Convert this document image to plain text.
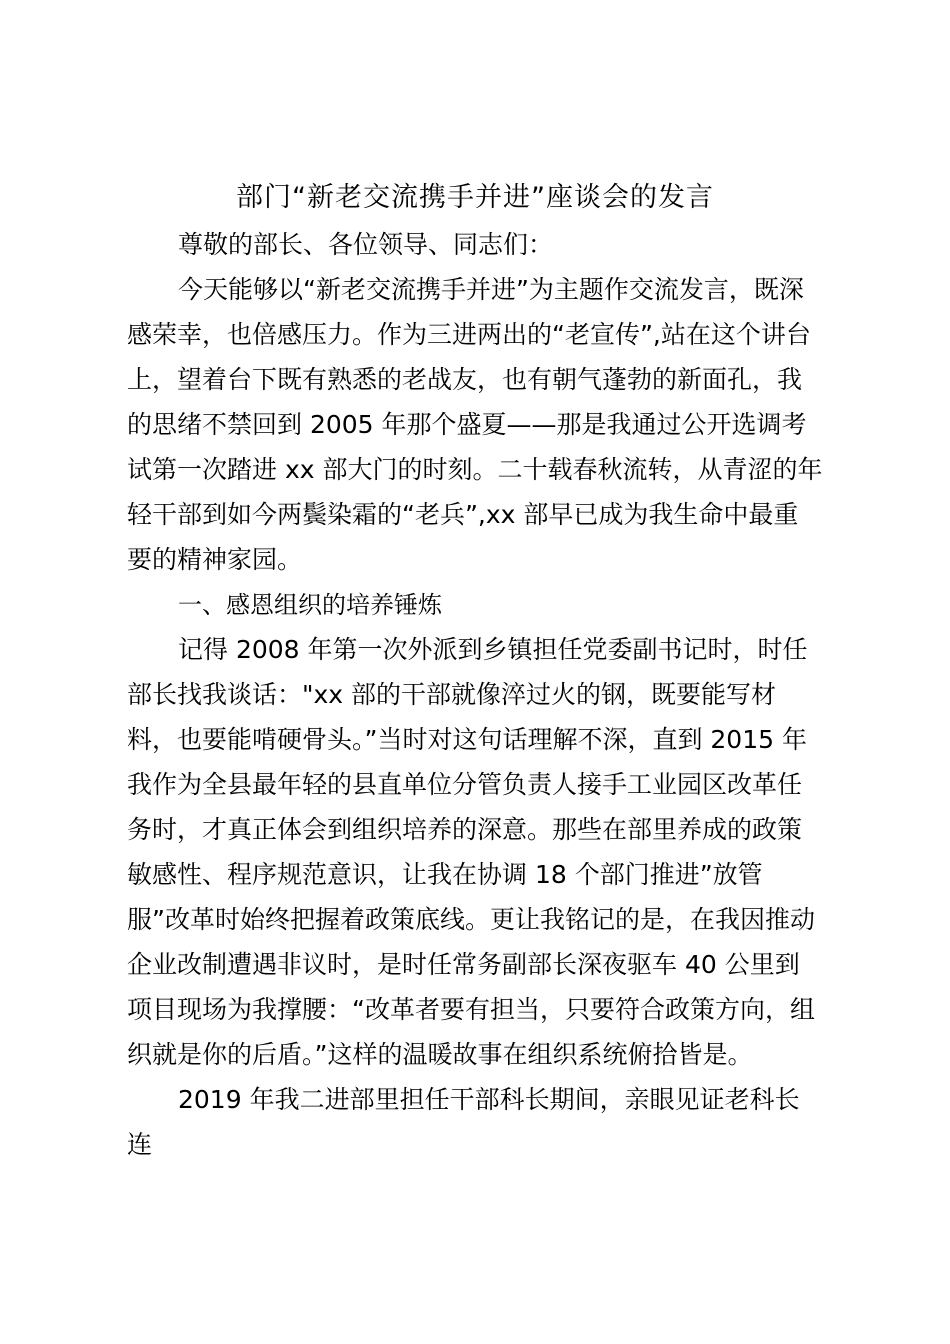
部门“新老交流携手并进”座谈会的发言
尊敬的部长、各位领导、同志们：
今天能够以“新老交流携手并进”为主题作交流发言，既深
感荣幸，也倍感压力。作为三进两出的“老宣传”,站在这个讲台
上，望着台下既有熟悉的老战友，也有朝气蓬勃的新面孔，我
的思绪不禁回到 2005 年那个盛夏——那是我通过公开选调考
试第一次踏进 xx 部大门的时刻。二十载春秋流转，从青涩的年
轻干部到如今两鬓染霜的“老兵”,xx 部早已成为我生命中最重
要的精神家园。
一、感恩组织的培养锤炼
记得 2008 年第一次外派到乡镇担任党委副书记时，时任
部长找我谈话："xx 部的干部就像淬过火的钢，既要能写材
料，也要能啃硬骨头。”当时对这句话理解不深，直到 2015 年
我作为全县最年轻的县直单位分管负责人接手工业园区改革任
务时，才真正体会到组织培养的深意。那些在部里养成的政策
敏感性、程序规范意识，让我在协调 18 个部门推进”放管
服”改革时始终把握着政策底线。更让我铭记的是，在我因推动
企业改制遭遇非议时，是时任常务副部长深夜驱车 40 公里到
项目现场为我撑腰：“改革者要有担当，只要符合政策方向，组
织就是你的后盾。”这样的温暖故事在组织系统俯拾皆是。
2019 年我二进部里担任干部科长期间，亲眼见证老科长
连
